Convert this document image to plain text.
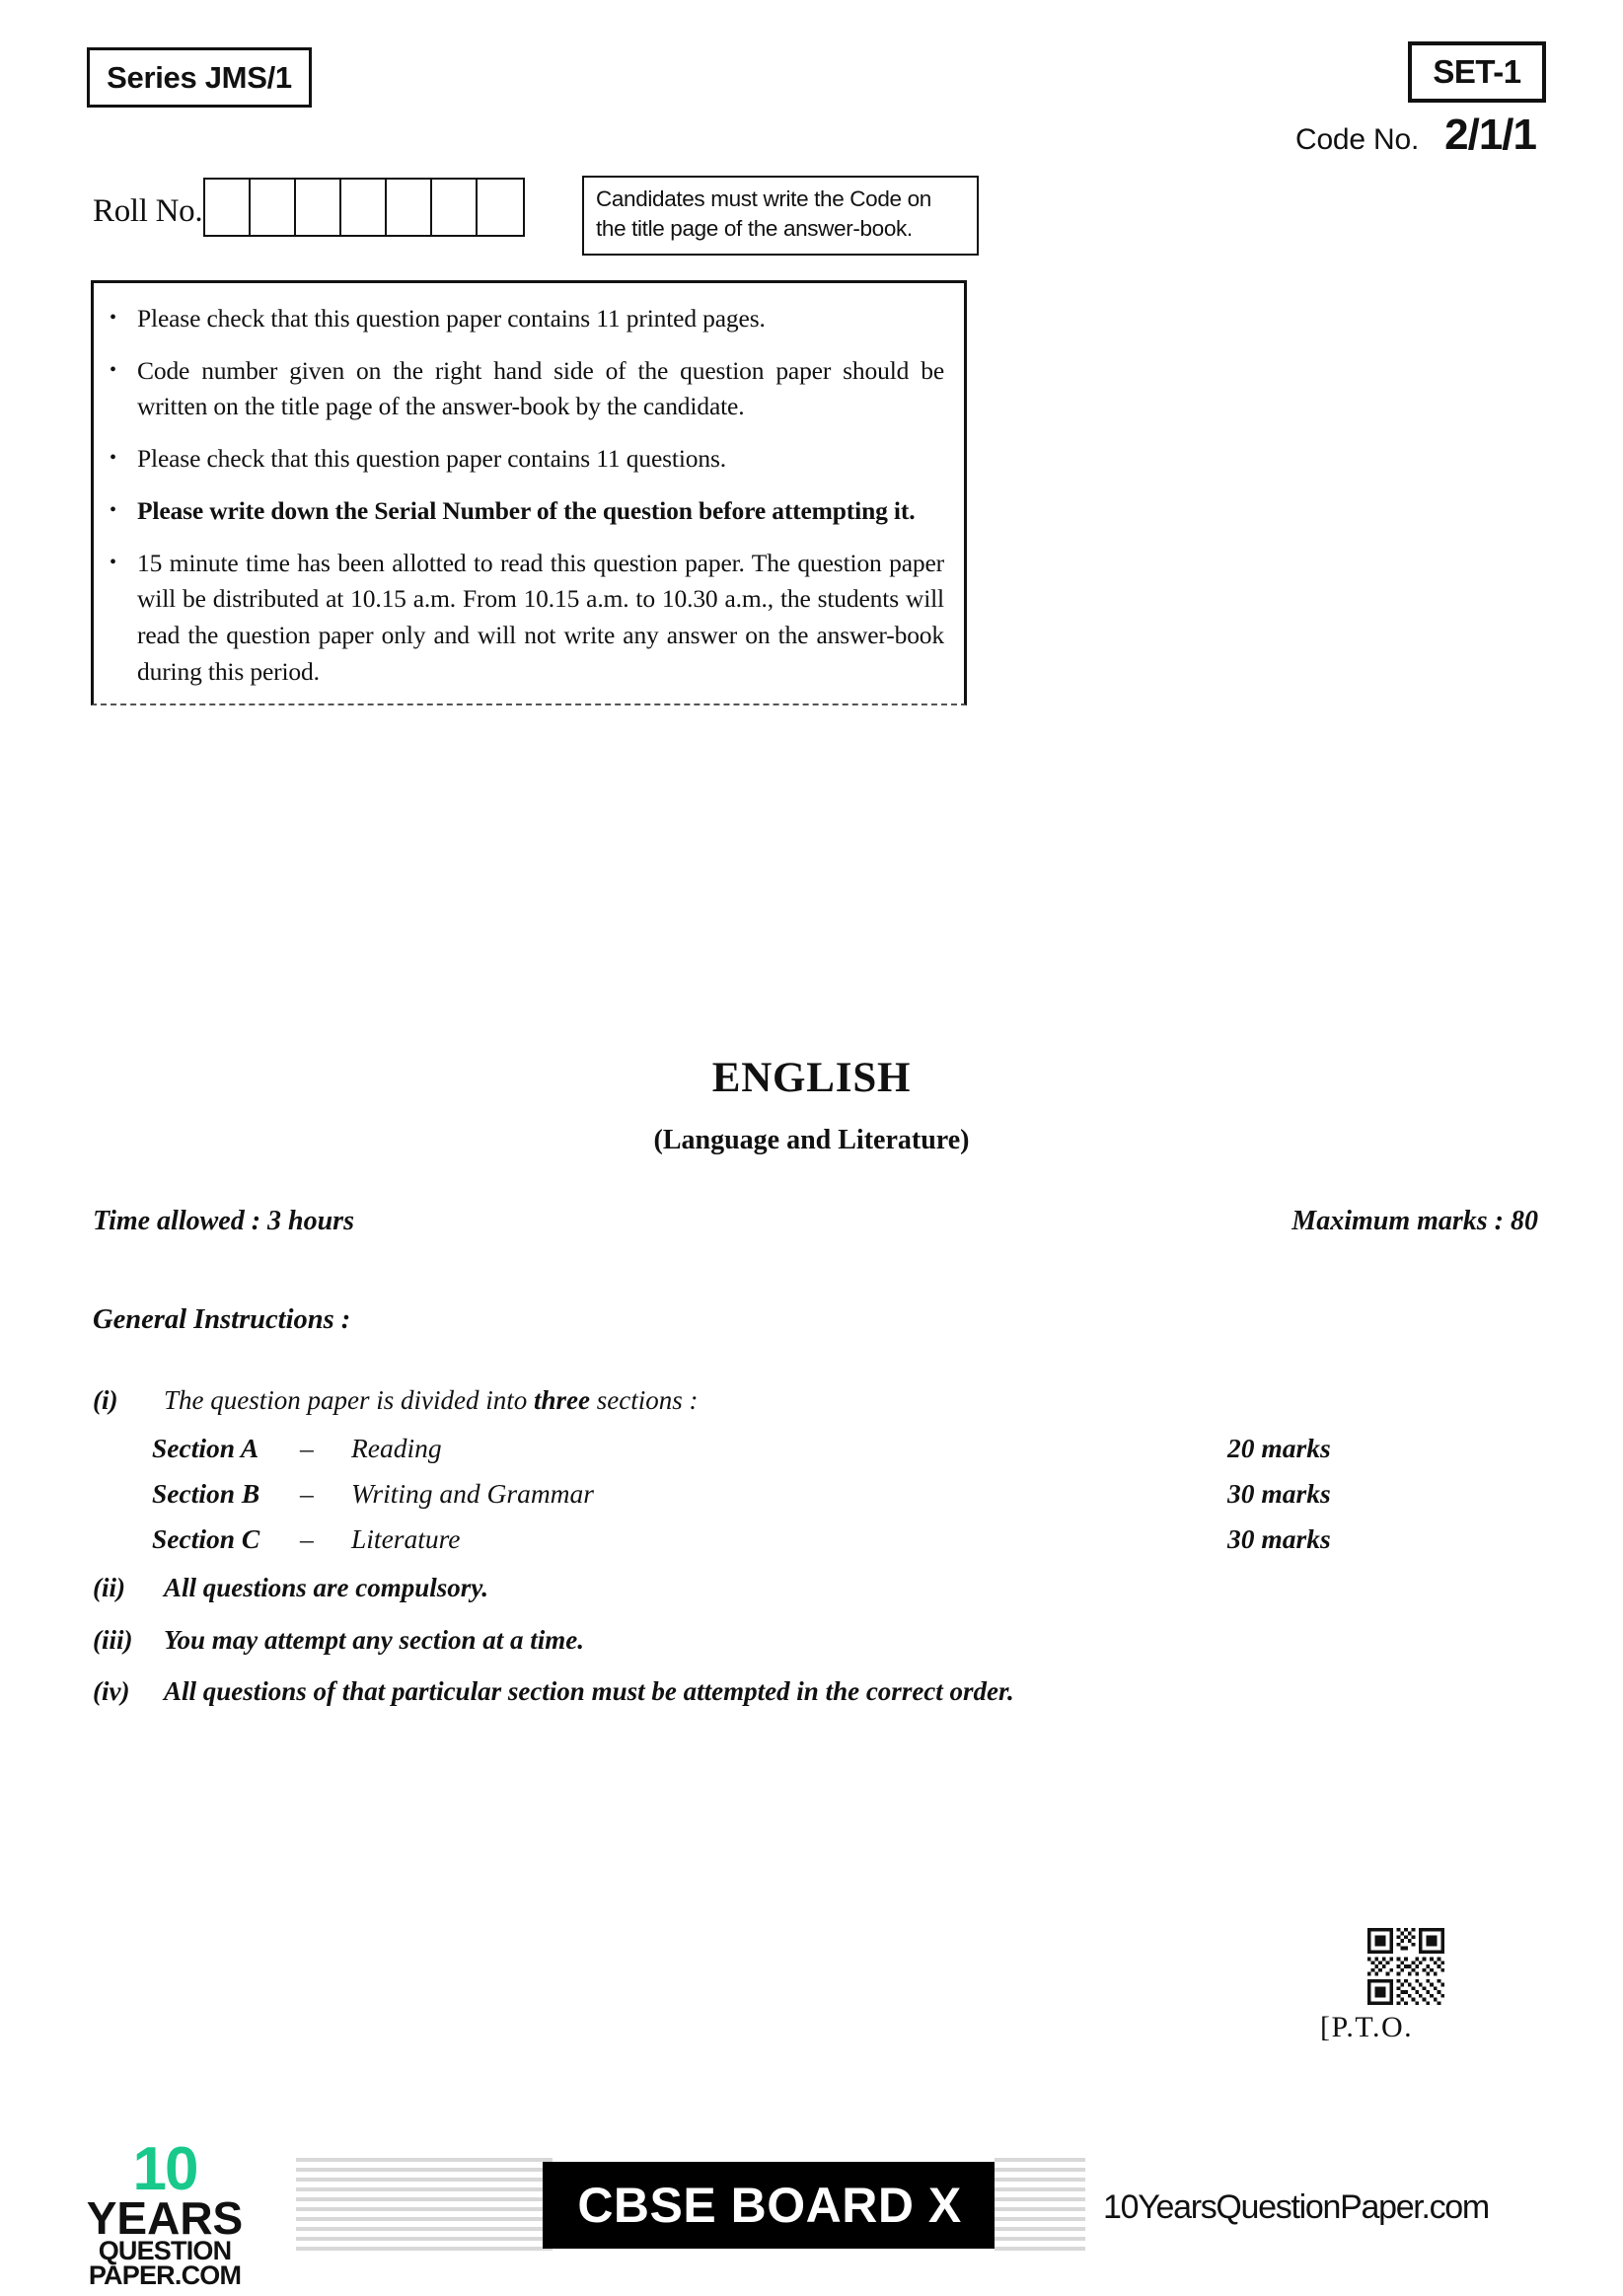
Series JMS/1	SET-1
Code No. 2/1/1
Roll No.	Candidates must write the Code on the title page of the answer-book.
• Please check that this question paper contains 11 printed pages.
• Code number given on the right hand side of the question paper should be written on the title page of the answer-book by the candidate.
• Please check that this question paper contains 11 questions.
• Please write down the Serial Number of the question before attempting it.
• 15 minute time has been allotted to read this question paper. The question paper will be distributed at 10.15 a.m. From 10.15 a.m. to 10.30 a.m., the students will read the question paper only and will not write any answer on the answer-book during this period.
ENGLISH
(Language and Literature)
Time allowed : 3 hours	Maximum marks : 80
General Instructions :
(i)	The question paper is divided into three sections :
Section A	–	Reading	20 marks
Section B	–	Writing and Grammar	30 marks
Section C	–	Literature	30 marks
(ii)	All questions are compulsory.
(iii)	You may attempt any section at a time.
(iv)	All questions of that particular section must be attempted in the correct order.
[P.T.O.
10
YEARS
QUESTION PAPER.COM
CBSE BOARD X	10YearsQuestionPaper.com
